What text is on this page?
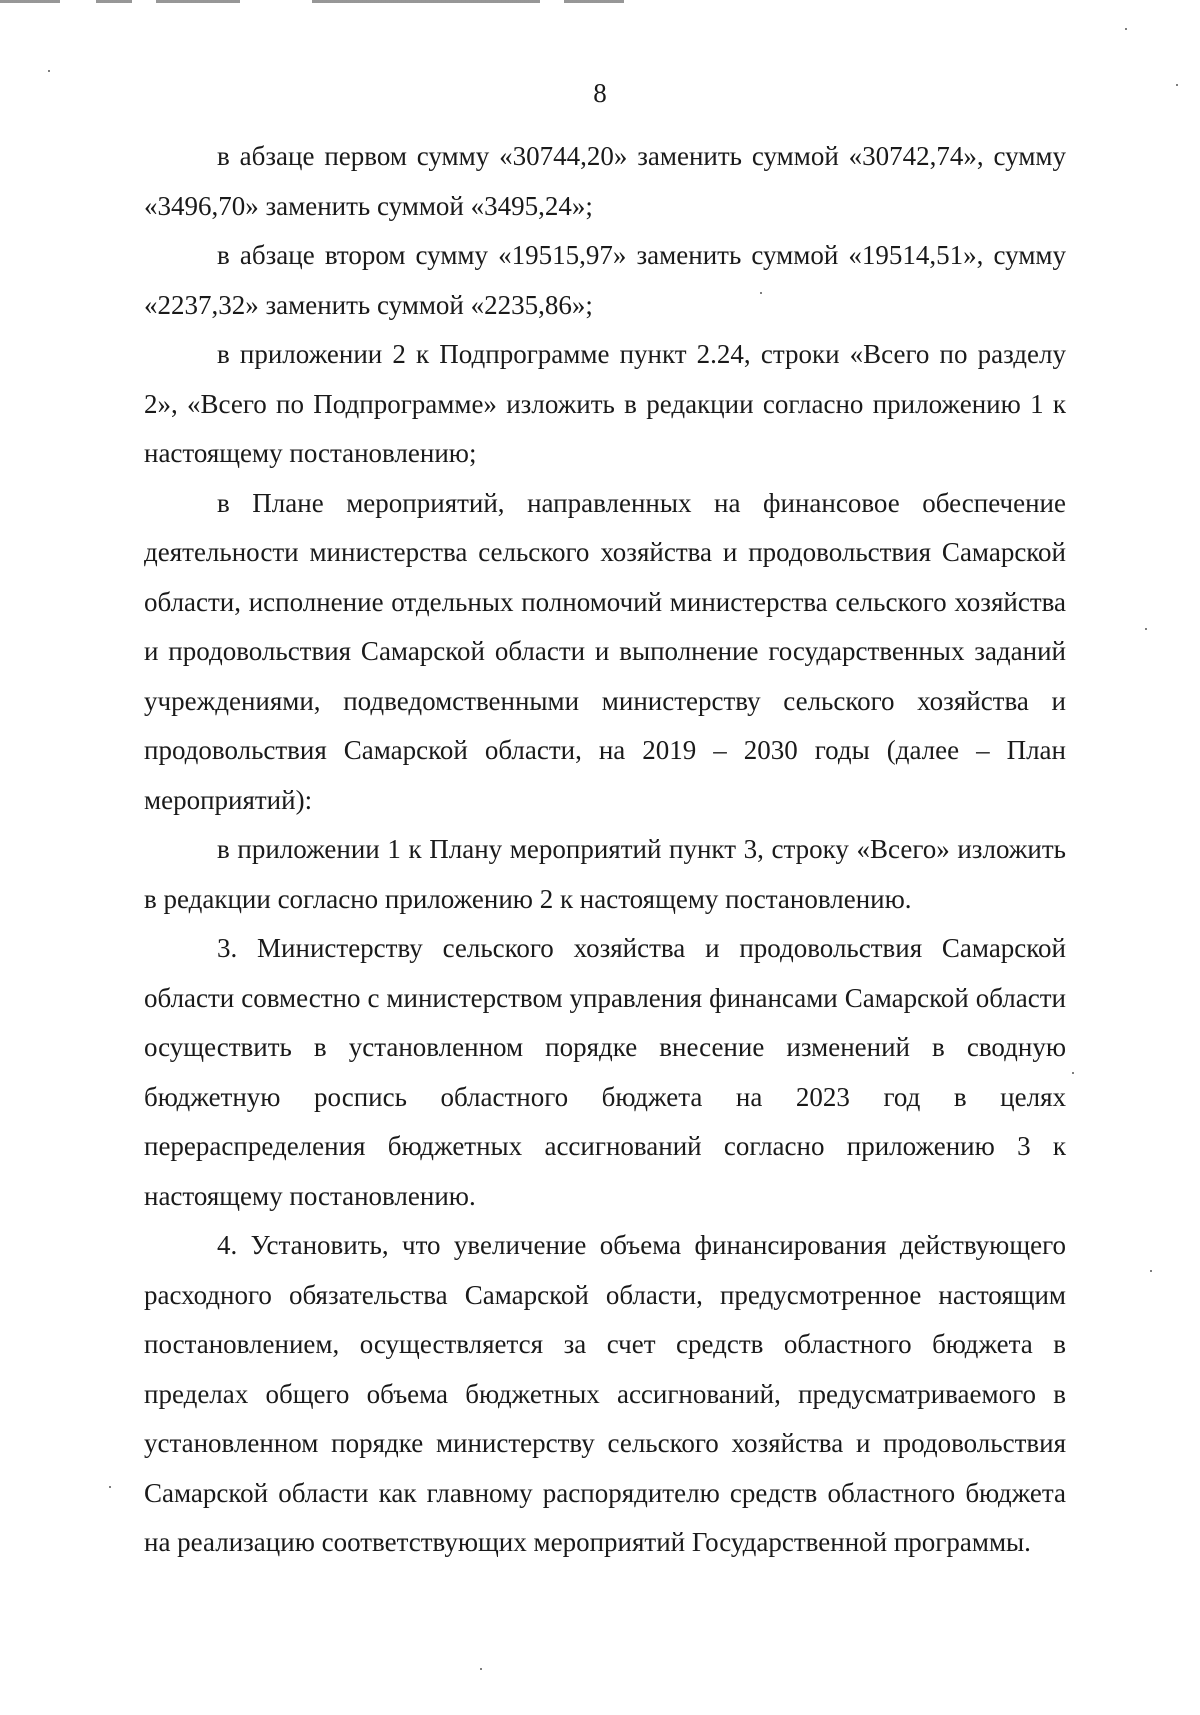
8

в абзаце первом сумму «30744,20» заменить суммой «30742,74», сумму «3496,70» заменить суммой «3495,24»;

в абзаце втором сумму «19515,97» заменить суммой «19514,51», сумму «2237,32» заменить суммой «2235,86»;

в приложении 2 к Подпрограмме пункт 2.24, строки «Всего по разделу 2», «Всего по Подпрограмме» изложить в редакции согласно приложению 1 к настоящему постановлению;

в Плане мероприятий, направленных на финансовое обеспечение деятельности министерства сельского хозяйства и продовольствия Самарской области, исполнение отдельных полномочий министерства сельского хозяйства и продовольствия Самарской области и выполнение государственных заданий учреждениями, подведомственными министерству сельского хозяйства и продовольствия Самарской области, на 2019 – 2030 годы (далее – План мероприятий):

в приложении 1 к Плану мероприятий пункт 3, строку «Всего» изложить в редакции согласно приложению 2 к настоящему постановлению.

3. Министерству сельского хозяйства и продовольствия Самарской области совместно с министерством управления финансами Самарской области осуществить в установленном порядке внесение изменений в сводную бюджетную роспись областного бюджета на 2023 год в целях перераспределения бюджетных ассигнований согласно приложению 3 к настоящему постановлению.

4. Установить, что увеличение объема финансирования действующего расходного обязательства Самарской области, предусмотренное настоящим постановлением, осуществляется за счет средств областного бюджета в пределах общего объема бюджетных ассигнований, предусматриваемого в установленном порядке министерству сельского хозяйства и продовольствия Самарской области как главному распорядителю средств областного бюджета на реализацию соответствующих мероприятий Государственной программы.
